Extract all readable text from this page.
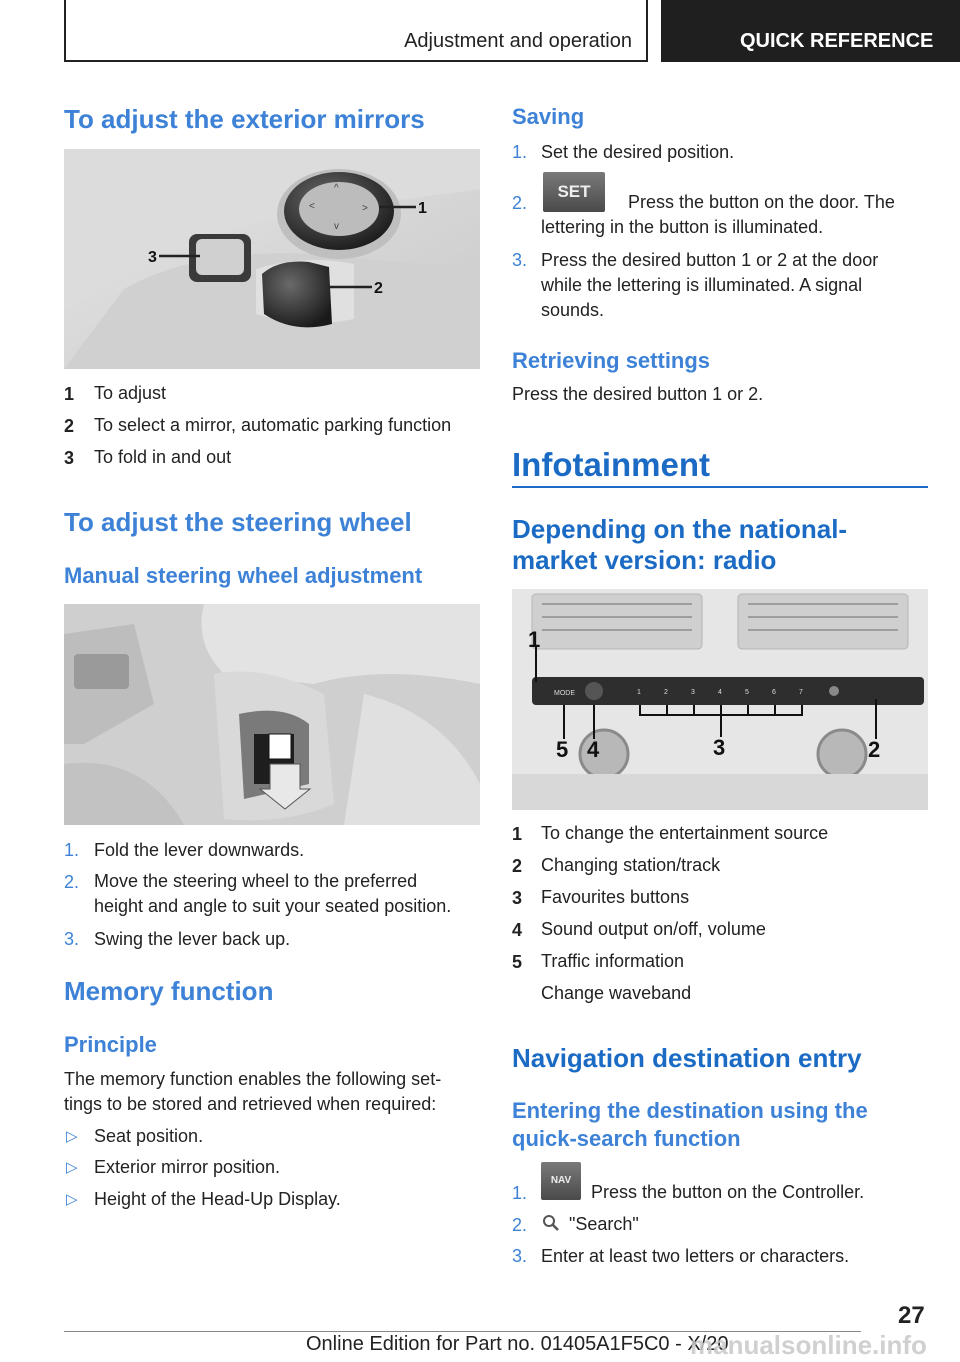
Adjustment and operation	QUICK REFERENCE
To adjust the exterior mirrors
^
<	>
v
1
2
3
1 To adjust
2 To select a mirror, automatic parking function
3 To fold in and out
To adjust the steering wheel
Manual steering wheel adjustment
1. Fold the lever downwards.
2. Move the steering wheel to the preferred
height and angle to suit your seated position.
3. Swing the lever back up.
Memory function
Principle
The memory function enables the following set-
tings to be stored and retrieved when required:
▷ Seat position.
▷ Exterior mirror position.
▷ Height of the Head-Up Display.
Saving
1. Set the desired position.
2.
SET
Press the button on the door. The
lettering in the button is illuminated.
3. Press the desired button 1 or 2 at the door
while the lettering is illuminated. A signal
sounds.
Retrieving settings
Press the desired button 1 or 2.
Infotainment
Depending on the national-
market version: radio
MODE	1	2	3	4	5	6	7
1
5 4	3	2
1 To change the entertainment source
2 Changing station/track
3 Favourites buttons
4 Sound output on/off, volume
5 Traffic information
Change waveband
Navigation destination entry
Entering the destination using the
quick-search function
1.
NAV
Press the button on the Controller.
2. "Search"
3. Enter at least two letters or characters.
27
Online Edition for Part no. 01405A1F5C0 - X/20
manualsonline.info
